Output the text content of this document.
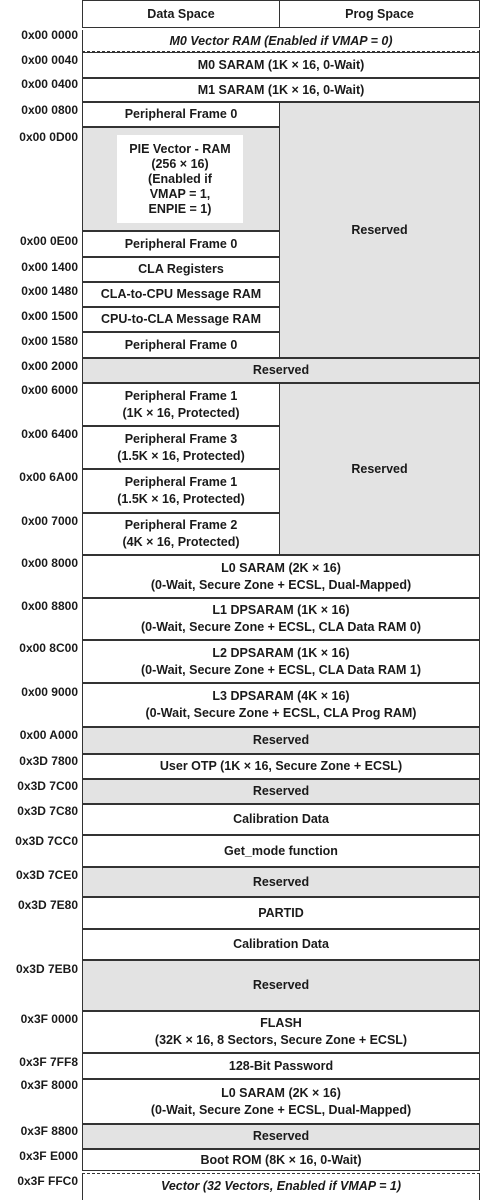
Data Space	Prog Space
Reserved
Reserved
M0 Vector RAM (Enabled if VMAP = 0)
M0 SARAM (1K × 16, 0-Wait)
M1 SARAM (1K × 16, 0-Wait)
Peripheral Frame 0
PIE Vector - RAM
(256 × 16)
(Enabled if
VMAP = 1,
ENPIE = 1)
Peripheral Frame 0
CLA Registers
CLA-to-CPU Message RAM
CPU-to-CLA Message RAM
Peripheral Frame 0
Reserved
Peripheral Frame 1
(1K × 16, Protected)
Peripheral Frame 3
(1.5K × 16, Protected)
Peripheral Frame 1
(1.5K × 16, Protected)
Peripheral Frame 2
(4K × 16, Protected)
L0 SARAM (2K × 16)
(0-Wait, Secure Zone + ECSL, Dual-Mapped)
L1 DPSARAM (1K × 16)
(0-Wait, Secure Zone + ECSL, CLA Data RAM 0)
L2 DPSARAM (1K × 16)
(0-Wait, Secure Zone + ECSL, CLA Data RAM 1)
L3 DPSARAM (4K × 16)
(0-Wait, Secure Zone + ECSL, CLA Prog RAM)
Reserved
User OTP (1K × 16, Secure Zone + ECSL)
Reserved
Calibration Data
Get_mode function
Reserved
PARTID
Calibration Data
Reserved
FLASH
(32K × 16, 8 Sectors, Secure Zone + ECSL)
128-Bit Password
L0 SARAM (2K × 16)
(0-Wait, Secure Zone + ECSL, Dual-Mapped)
Reserved
Boot ROM (8K × 16, 0-Wait)
Vector (32 Vectors, Enabled if VMAP = 1)
0x00 0000
0x00 0040
0x00 0400
0x00 0800
0x00 0D00
0x00 0E00
0x00 1400
0x00 1480
0x00 1500
0x00 1580
0x00 2000
0x00 6000
0x00 6400
0x00 6A00
0x00 7000
0x00 8000
0x00 8800
0x00 8C00
0x00 9000
0x00 A000
0x3D 7800
0x3D 7C00
0x3D 7C80
0x3D 7CC0
0x3D 7CE0
0x3D 7E80
0x3D 7EB0
0x3F 0000
0x3F 7FF8
0x3F 8000
0x3F 8800
0x3F E000
0x3F FFC0
